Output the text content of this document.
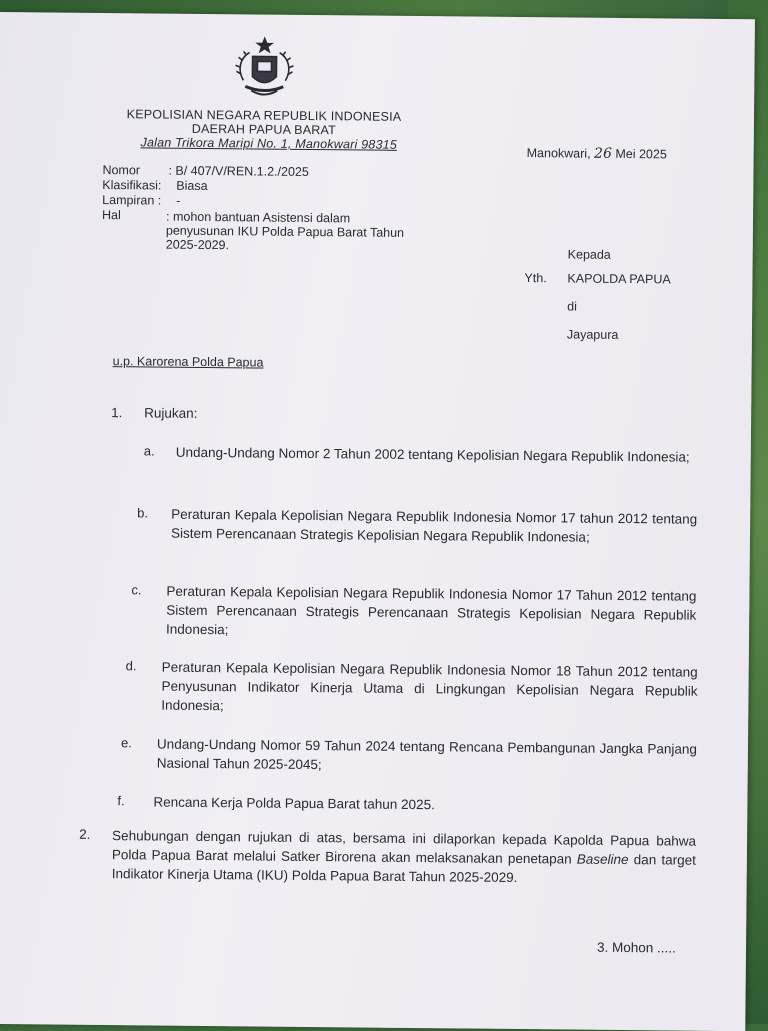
KEPOLISIAN NEGARA REPUBLIK INDONESIA
DAERAH PAPUA BARAT
Jalan Trikora Maripi No. 1, Manokwari 98315
Manokwari, 26 Mei 2025
Nomor : B/ 407/V/REN.1.2./2025
Klasifikasi: Biasa
Lampiran : -
Hal	: mohon bantuan Asistensi dalam penyusunan IKU Polda Papua Barat Tahun 2025-2029.
Kepada
Yth. KAPOLDA PAPUA
di
Jayapura
u.p. Karorena Polda Papua
1. Rujukan:
a. Undang-Undang Nomor 2 Tahun 2002 tentang Kepolisian Negara Republik Indonesia;
b. Peraturan Kepala Kepolisian Negara Republik Indonesia Nomor 17 tahun 2012 tentang Sistem Perencanaan Strategis Kepolisian Negara Republik Indonesia;
c. Peraturan Kepala Kepolisian Negara Republik Indonesia Nomor 17 Tahun 2012 tentang Sistem Perencanaan Strategis Perencanaan Strategis Kepolisian Negara Republik Indonesia;
d. Peraturan Kepala Kepolisian Negara Republik Indonesia Nomor 18 Tahun 2012 tentang Penyusunan Indikator Kinerja Utama di Lingkungan Kepolisian Negara Republik Indonesia;
e. Undang-Undang Nomor 59 Tahun 2024 tentang Rencana Pembangunan Jangka Panjang Nasional Tahun 2025-2045;
f. Rencana Kerja Polda Papua Barat tahun 2025.
2. Sehubungan dengan rujukan di atas, bersama ini dilaporkan kepada Kapolda Papua bahwa Polda Papua Barat melalui Satker Birorena akan melaksanakan penetapan Baseline dan target Indikator Kinerja Utama (IKU) Polda Papua Barat Tahun 2025-2029.
3. Mohon .....
